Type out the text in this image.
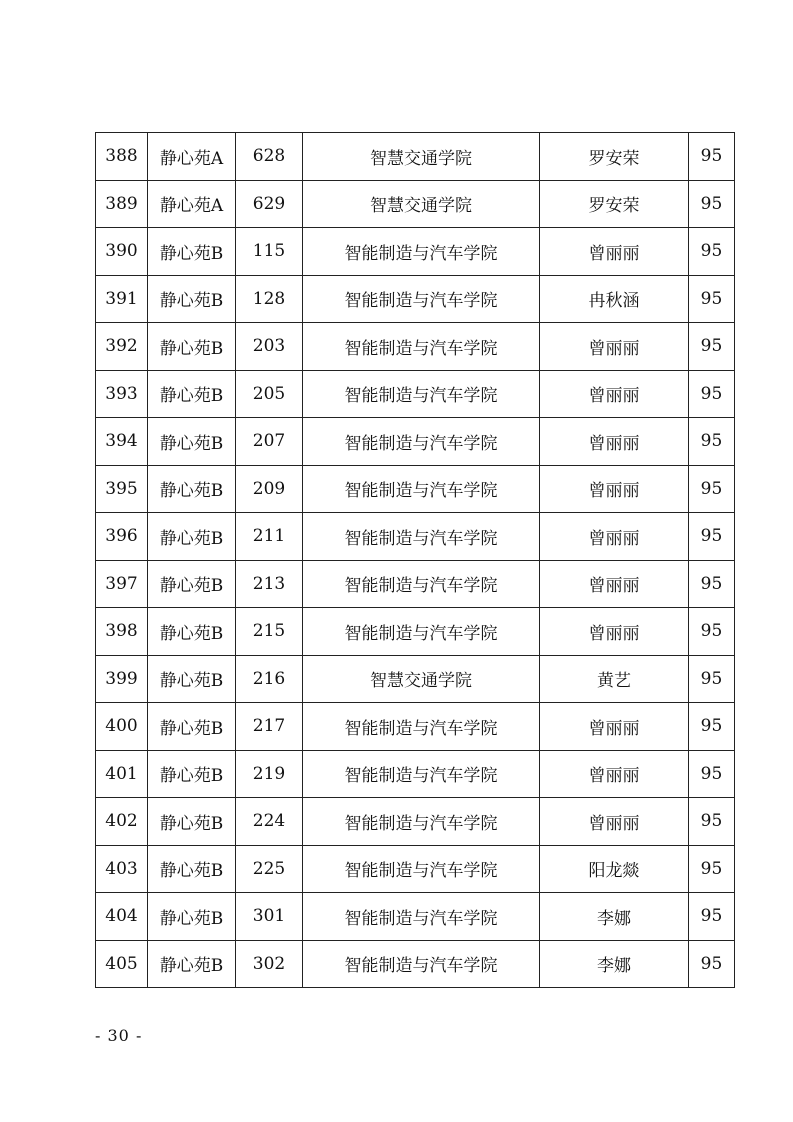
388	静心苑A	628	智慧交通学院	罗安荣	95
389	静心苑A	629	智慧交通学院	罗安荣	95
390	静心苑B	115	智能制造与汽车学院	曾丽丽	95
391	静心苑B	128	智能制造与汽车学院	冉秋涵	95
392	静心苑B	203	智能制造与汽车学院	曾丽丽	95
393	静心苑B	205	智能制造与汽车学院	曾丽丽	95
394	静心苑B	207	智能制造与汽车学院	曾丽丽	95
395	静心苑B	209	智能制造与汽车学院	曾丽丽	95
396	静心苑B	211	智能制造与汽车学院	曾丽丽	95
397	静心苑B	213	智能制造与汽车学院	曾丽丽	95
398	静心苑B	215	智能制造与汽车学院	曾丽丽	95
399	静心苑B	216	智慧交通学院	黄艺	95
400	静心苑B	217	智能制造与汽车学院	曾丽丽	95
401	静心苑B	219	智能制造与汽车学院	曾丽丽	95
402	静心苑B	224	智能制造与汽车学院	曾丽丽	95
403	静心苑B	225	智能制造与汽车学院	阳龙燚	95
404	静心苑B	301	智能制造与汽车学院	李娜	95
405	静心苑B	302	智能制造与汽车学院	李娜	95
- 30 -
